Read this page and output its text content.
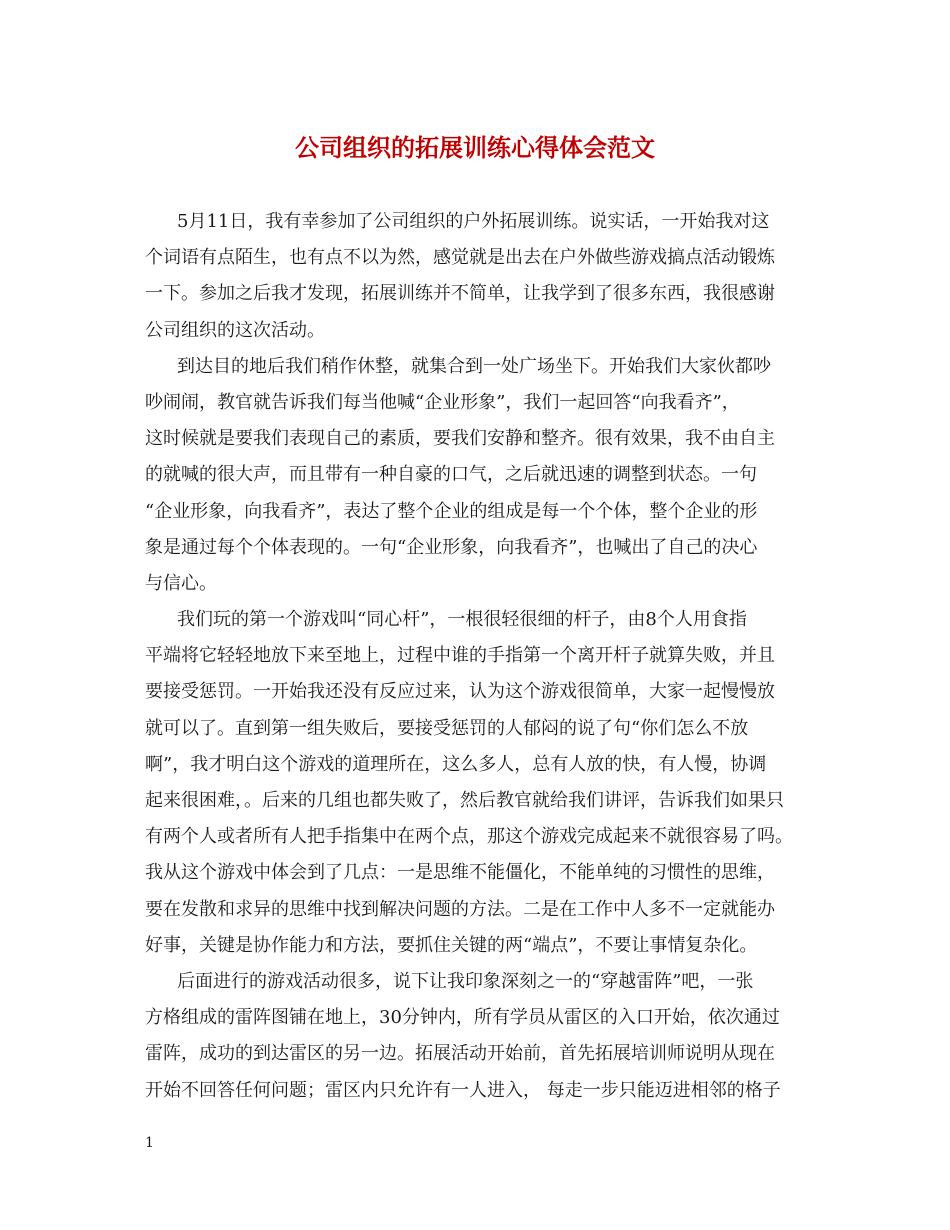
公司组织的拓展训练心得体会范文

5月11日，我有幸参加了公司组织的户外拓展训练。说实话，一开始我对这

个词语有点陌生，也有点不以为然，感觉就是出去在户外做些游戏搞点活动锻炼

一下。参加之后我才发现，拓展训练并不简单，让我学到了很多东西，我很感谢

公司组织的这次活动。

到达目的地后我们稍作休整，就集合到一处广场坐下。开始我们大家伙都吵

吵闹闹，教官就告诉我们每当他喊“企业形象”，我们一起回答“向我看齐”，

这时候就是要我们表现自己的素质，要我们安静和整齐。很有效果，我不由自主

的就喊的很大声，而且带有一种自豪的口气，之后就迅速的调整到状态。一句

“企业形象，向我看齐”，表达了整个企业的组成是每一个个体，整个企业的形

象是通过每个个体表现的。一句“企业形象，向我看齐”，也喊出了自己的决心

与信心。

我们玩的第一个游戏叫“同心杆”，一根很轻很细的杆子，由8个人用食指

平端将它轻轻地放下来至地上，过程中谁的手指第一个离开杆子就算失败，并且

要接受惩罚。一开始我还没有反应过来，认为这个游戏很简单，大家一起慢慢放

就可以了。直到第一组失败后，要接受惩罚的人郁闷的说了句“你们怎么不放

啊”，我才明白这个游戏的道理所在，这么多人，总有人放的快，有人慢，协调

起来很困难，。后来的几组也都失败了，然后教官就给我们讲评，告诉我们如果只

有两个人或者所有人把手指集中在两个点，那这个游戏完成起来不就很容易了吗。

我从这个游戏中体会到了几点：一是思维不能僵化，不能单纯的习惯性的思维，

要在发散和求异的思维中找到解决问题的方法。二是在工作中人多不一定就能办

好事，关键是协作能力和方法，要抓住关键的两“端点”，不要让事情复杂化。

后面进行的游戏活动很多，说下让我印象深刻之一的“穿越雷阵”吧，一张

方格组成的雷阵图铺在地上，30分钟内，所有学员从雷区的入口开始，依次通过

雷阵，成功的到达雷区的另一边。拓展活动开始前，首先拓展培训师说明从现在

开始不回答任何问题；雷区内只允许有一人进入， 每走一步只能迈进相邻的格子

1
